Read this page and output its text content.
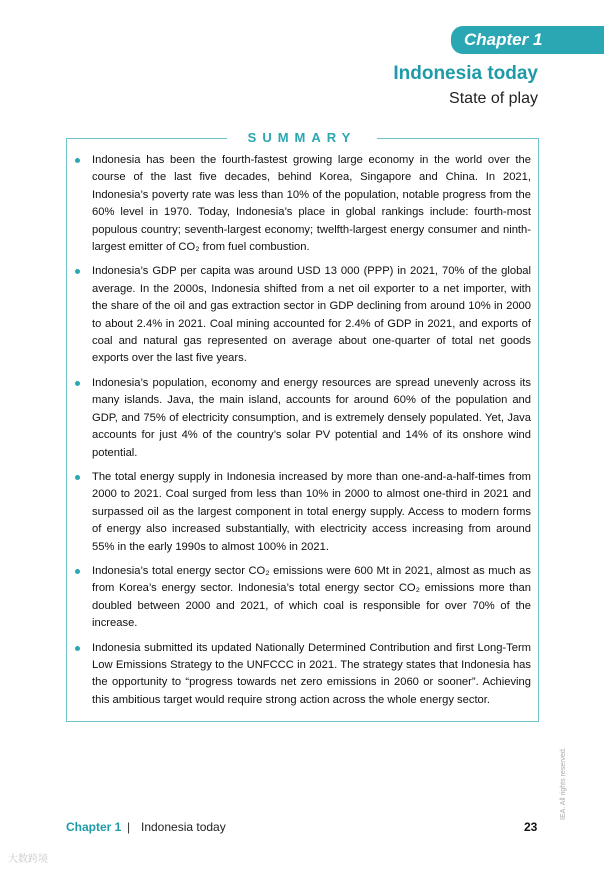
Chapter 1
Indonesia today
State of play
SUMMARY
Indonesia has been the fourth-fastest growing large economy in the world over the course of the last five decades, behind Korea, Singapore and China. In 2021, Indonesia’s poverty rate was less than 10% of the population, notable progress from the 60% level in 1970. Today, Indonesia’s place in global rankings include: fourth-most populous country; seventh-largest economy; twelfth-largest energy consumer and ninth-largest emitter of CO₂ from fuel combustion.
Indonesia’s GDP per capita was around USD 13 000 (PPP) in 2021, 70% of the global average. In the 2000s, Indonesia shifted from a net oil exporter to a net importer, with the share of the oil and gas extraction sector in GDP declining from around 10% in 2000 to about 2.4% in 2021. Coal mining accounted for 2.4% of GDP in 2021, and exports of coal and natural gas represented on average about one-quarter of total net goods exports over the last five years.
Indonesia’s population, economy and energy resources are spread unevenly across its many islands. Java, the main island, accounts for around 60% of the population and GDP, and 75% of electricity consumption, and is extremely densely populated. Yet, Java accounts for just 4% of the country’s solar PV potential and 14% of its onshore wind potential.
The total energy supply in Indonesia increased by more than one-and-a-half-times from 2000 to 2021. Coal surged from less than 10% in 2000 to almost one-third in 2021 and surpassed oil as the largest component in total energy supply. Access to modern forms of energy also increased substantially, with electricity access increasing from around 55% in the early 1990s to almost 100% in 2021.
Indonesia’s total energy sector CO₂ emissions were 600 Mt in 2021, almost as much as from Korea’s energy sector. Indonesia’s total energy sector CO₂ emissions more than doubled between 2000 and 2021, of which coal is responsible for over 70% of the increase.
Indonesia submitted its updated Nationally Determined Contribution and first Long-Term Low Emissions Strategy to the UNFCCC in 2021. The strategy states that Indonesia has the opportunity to “progress towards net zero emissions in 2060 or sooner”. Achieving this ambitious target would require strong action across the whole energy sector.
Chapter 1 | Indonesia today	23
IEA. All rights reserved.
大数跨境
